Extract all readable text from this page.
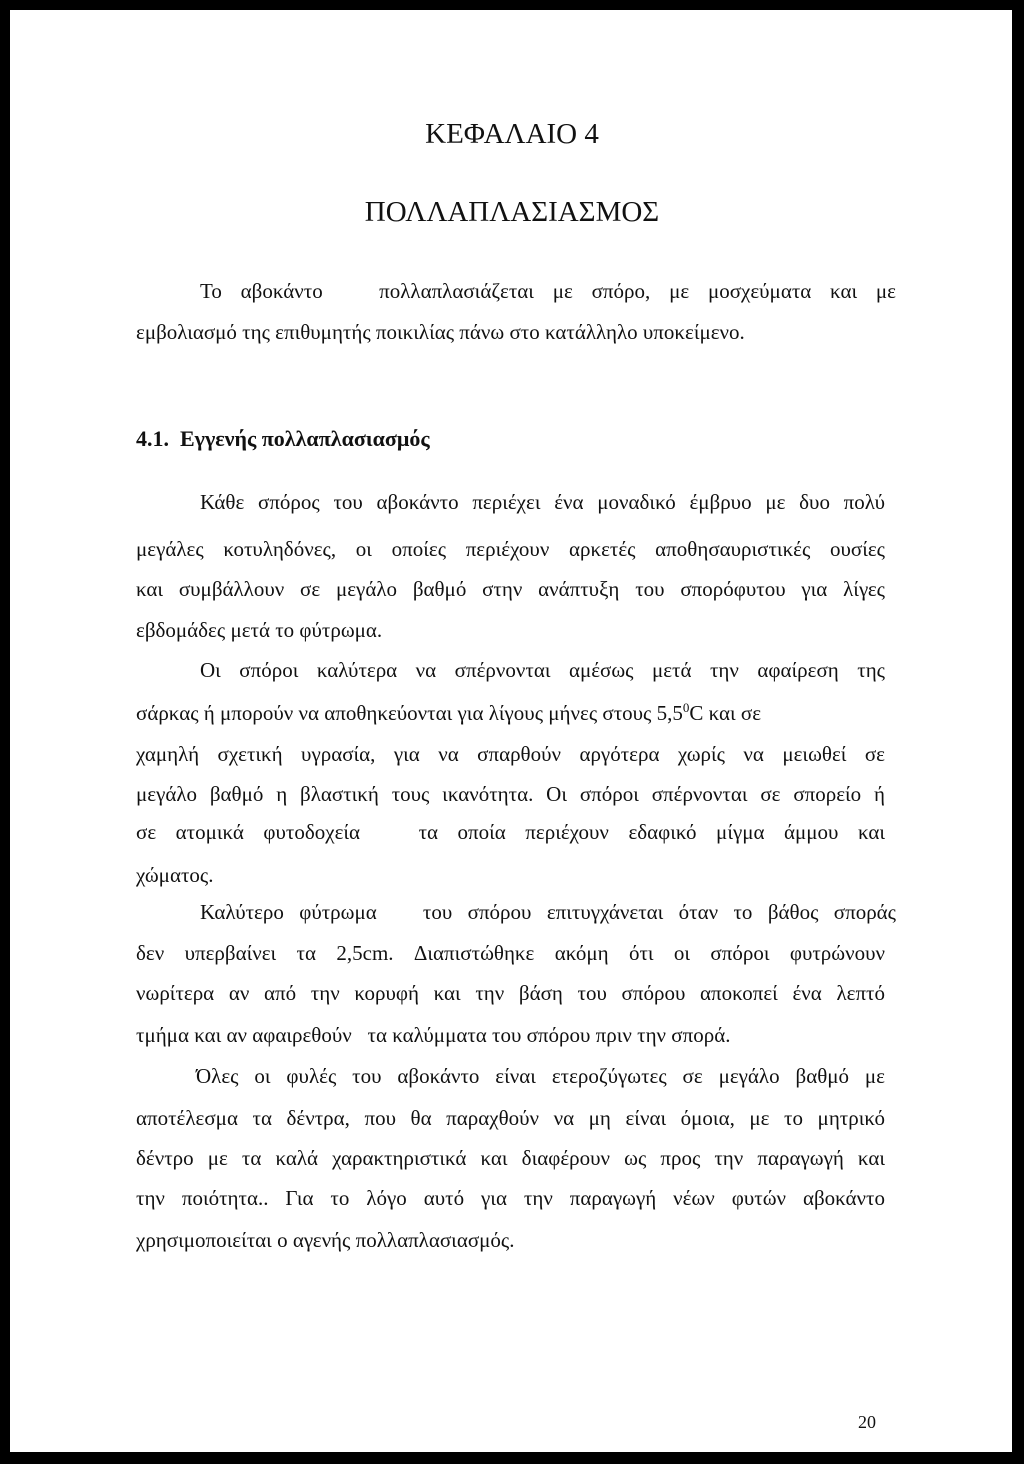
ΚΕΦΑΛΑΙΟ 4

ΠΟΛΛΑΠΛΑΣΙΑΣΜΟΣ

Το αβοκάντο   πολλαπλασιάζεται με σπόρο, με μοσχεύματα και με

εμβολιασμό της επιθυμητής ποικιλίας πάνω στο κατάλληλο υποκείμενο.

4.1. Εγγενής πολλαπλασιασμός

Κάθε σπόρος του αβοκάντο περιέχει ένα μοναδικό έμβρυο με δυο πολύ

μεγάλες κοτυληδόνες, οι οποίες περιέχουν αρκετές αποθησαυριστικές ουσίες

και συμβάλλουν σε μεγάλο βαθμό στην ανάπτυξη του σπορόφυτου για λίγες

εβδομάδες μετά το φύτρωμα.

Οι σπόροι καλύτερα να σπέρνονται αμέσως μετά την αφαίρεση της

σάρκας ή μπορούν να αποθηκεύονται για λίγους μήνες στους $5,5^0C$ και σε

χαμηλή σχετική υγρασία, για να σπαρθούν αργότερα χωρίς να μειωθεί σε

μεγάλο βαθμό η βλαστική τους ικανότητα. Οι σπόροι σπέρνονται σε σπορείο ή

σε ατομικά φυτοδοχεία   τα οποία περιέχουν εδαφικό μίγμα άμμου και

χώματος.

Καλύτερο φύτρωμα   του σπόρου επιτυγχάνεται όταν το βάθος σποράς

δεν υπερβαίνει τα 2,5cm. Διαπιστώθηκε ακόμη ότι οι σπόροι φυτρώνουν

νωρίτερα αν από την κορυφή και την βάση του σπόρου αποκοπεί ένα λεπτό

τμήμα και αν αφαιρεθούν   τα καλύμματα του σπόρου πριν την σπορά.

Όλες οι φυλές του αβοκάντο είναι ετεροζύγωτες σε μεγάλο βαθμό με

αποτέλεσμα τα δέντρα, που θα παραχθούν να μη είναι όμοια, με το μητρικό

δέντρο με τα καλά χαρακτηριστικά και διαφέρουν ως προς την παραγωγή και

την ποιότητα.. Για το λόγο αυτό για την παραγωγή νέων φυτών αβοκάντο

χρησιμοποιείται ο αγενής πολλαπλασιασμός.

20
